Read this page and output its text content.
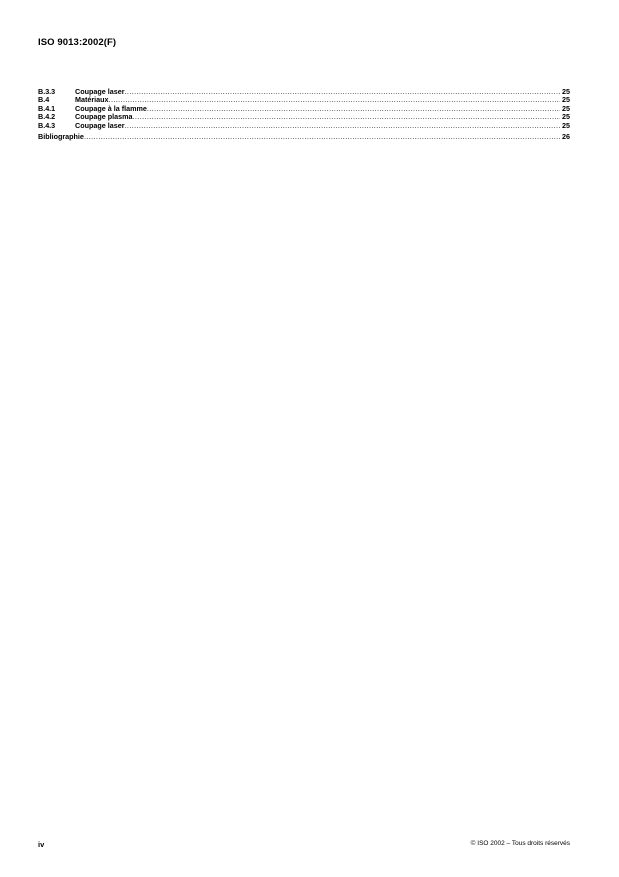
ISO 9013:2002(F)
B.3.3	Coupage laser .....	25
B.4	Matériaux .....	25
B.4.1	Coupage à la flamme .....	25
B.4.2	Coupage plasma .....	25
B.4.3	Coupage laser .....	25
Bibliographie .....	26
iv	© ISO 2002 – Tous droits réservés
